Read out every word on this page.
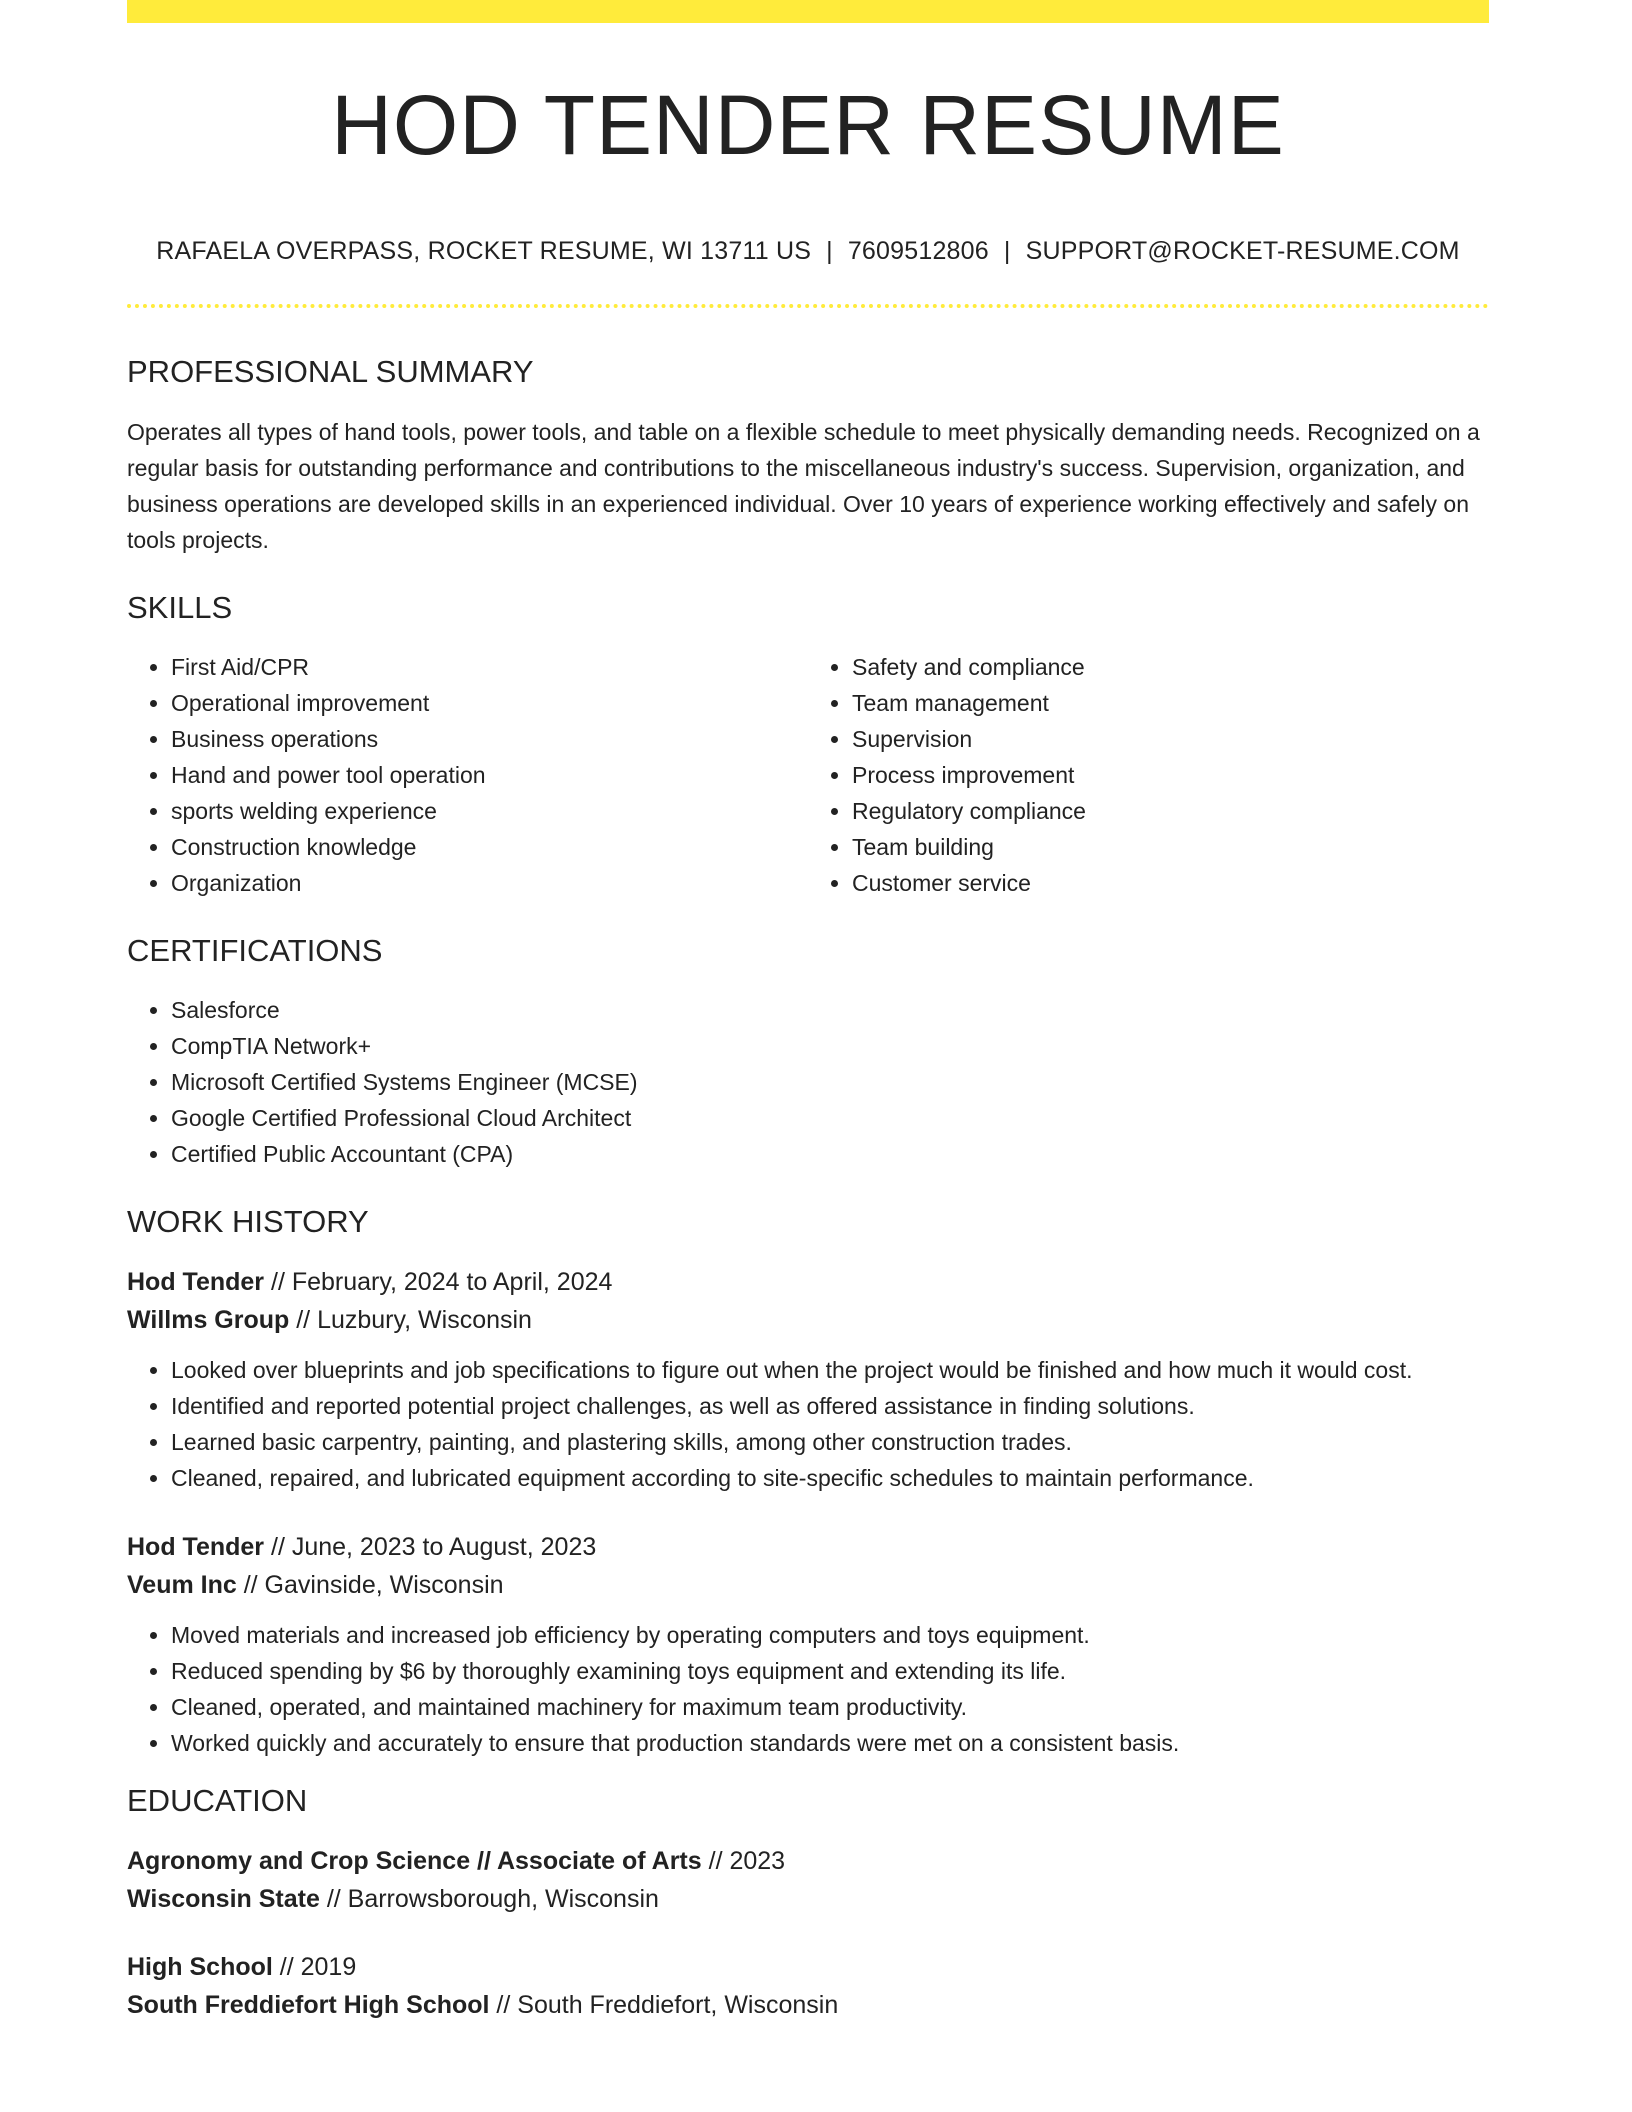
HOD TENDER RESUME
RAFAELA OVERPASS, ROCKET RESUME, WI 13711 US | 7609512806 | SUPPORT@ROCKET-RESUME.COM
PROFESSIONAL SUMMARY

Operates all types of hand tools, power tools, and table on a flexible schedule to meet physically demanding needs. Recognized on a regular basis for outstanding performance and contributions to the miscellaneous industry's success. Supervision, organization, and business operations are developed skills in an experienced individual. Over 10 years of experience working effectively and safely on tools projects.

SKILLS
• First Aid/CPR
• Operational improvement
• Business operations
• Hand and power tool operation
• sports welding experience
• Construction knowledge
• Organization
• Safety and compliance
• Team management
• Supervision
• Process improvement
• Regulatory compliance
• Team building
• Customer service
CERTIFICATIONS
• Salesforce
• CompTIA Network+
• Microsoft Certified Systems Engineer (MCSE)
• Google Certified Professional Cloud Architect
• Certified Public Accountant (CPA)
WORK HISTORY
Hod Tender // February, 2024 to April, 2024
Willms Group // Luzbury, Wisconsin
• Looked over blueprints and job specifications to figure out when the project would be finished and how much it would cost.
• Identified and reported potential project challenges, as well as offered assistance in finding solutions.
• Learned basic carpentry, painting, and plastering skills, among other construction trades.
• Cleaned, repaired, and lubricated equipment according to site-specific schedules to maintain performance.
Hod Tender // June, 2023 to August, 2023
Veum Inc // Gavinside, Wisconsin
• Moved materials and increased job efficiency by operating computers and toys equipment.
• Reduced spending by $6 by thoroughly examining toys equipment and extending its life.
• Cleaned, operated, and maintained machinery for maximum team productivity.
• Worked quickly and accurately to ensure that production standards were met on a consistent basis.
EDUCATION
Agronomy and Crop Science // Associate of Arts // 2023
Wisconsin State // Barrowsborough, Wisconsin
High School // 2019
South Freddiefort High School // South Freddiefort, Wisconsin
